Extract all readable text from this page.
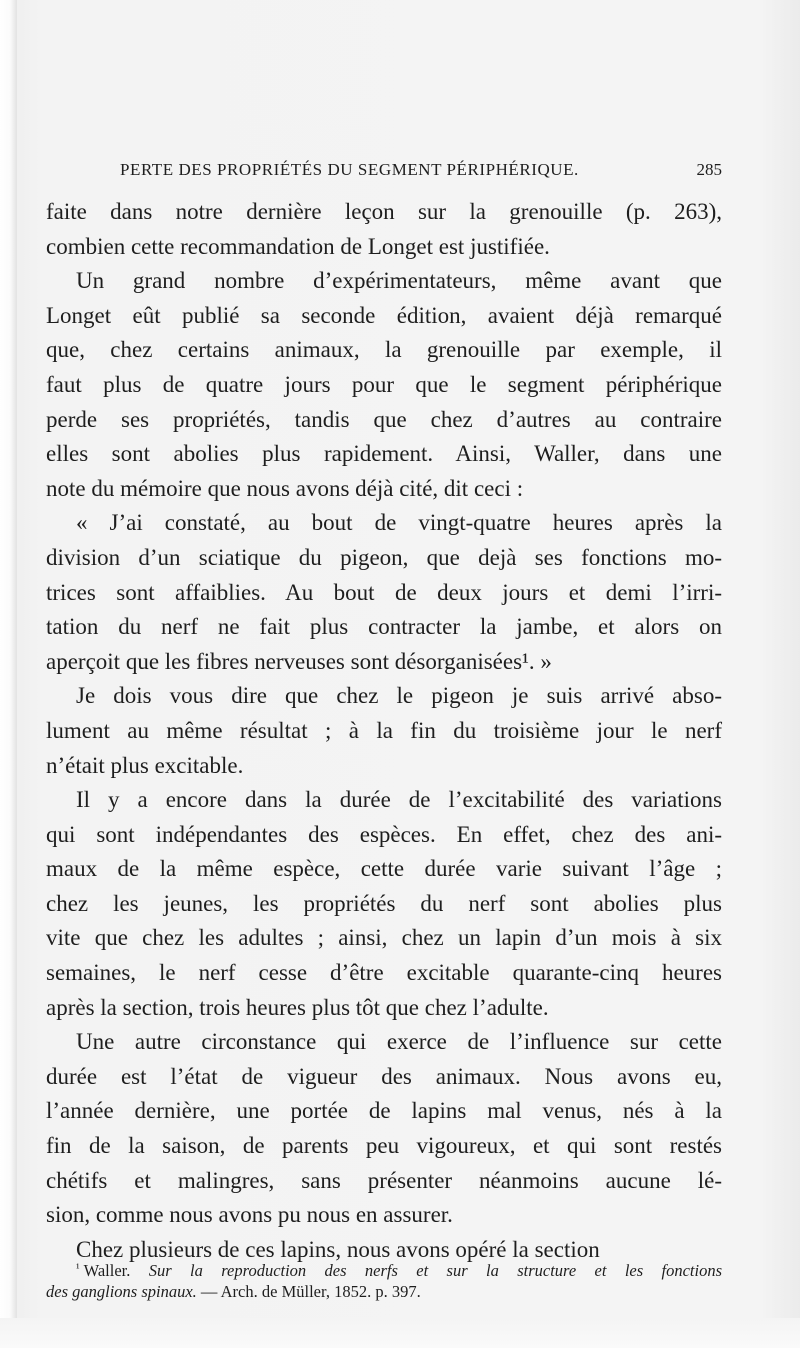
PERTE DES PROPRIÉTÉS DU SEGMENT PÉRIPHÉRIQUE.	285
faite dans notre dernière leçon sur la grenouille (p. 263),
combien cette recommandation de Longet est justifiée.
Un grand nombre d’expérimentateurs, même avant que
Longet eût publié sa seconde édition, avaient déjà remarqué
que, chez certains animaux, la grenouille par exemple, il
faut plus de quatre jours pour que le segment périphérique
perde ses propriétés, tandis que chez d’autres au contraire
elles sont abolies plus rapidement. Ainsi, Waller, dans une
note du mémoire que nous avons déjà cité, dit ceci :
« J’ai constaté, au bout de vingt-quatre heures après la
division d’un sciatique du pigeon, que dejà ses fonctions mo-
trices sont affaiblies. Au bout de deux jours et demi l’irri-
tation du nerf ne fait plus contracter la jambe, et alors on
aperçoit que les fibres nerveuses sont désorganisées¹. »
Je dois vous dire que chez le pigeon je suis arrivé abso-
lument au même résultat ; à la fin du troisième jour le nerf
n’était plus excitable.
Il y a encore dans la durée de l’excitabilité des variations
qui sont indépendantes des espèces. En effet, chez des ani-
maux de la même espèce, cette durée varie suivant l’âge ;
chez les jeunes, les propriétés du nerf sont abolies plus
vite que chez les adultes ; ainsi, chez un lapin d’un mois à six
semaines, le nerf cesse d’être excitable quarante-cinq heures
après la section, trois heures plus tôt que chez l’adulte.
Une autre circonstance qui exerce de l’influence sur cette
durée est l’état de vigueur des animaux. Nous avons eu,
l’année dernière, une portée de lapins mal venus, nés à la
fin de la saison, de parents peu vigoureux, et qui sont restés
chétifs et malingres, sans présenter néanmoins aucune lé-
sion, comme nous avons pu nous en assurer.
Chez plusieurs de ces lapins, nous avons opéré la section
$^{^1}$ Waller. Sur la reproduction des nerfs et sur la structure et les fonctions
des ganglions spinaux. — Arch. de Müller, 1852. p. 397.
